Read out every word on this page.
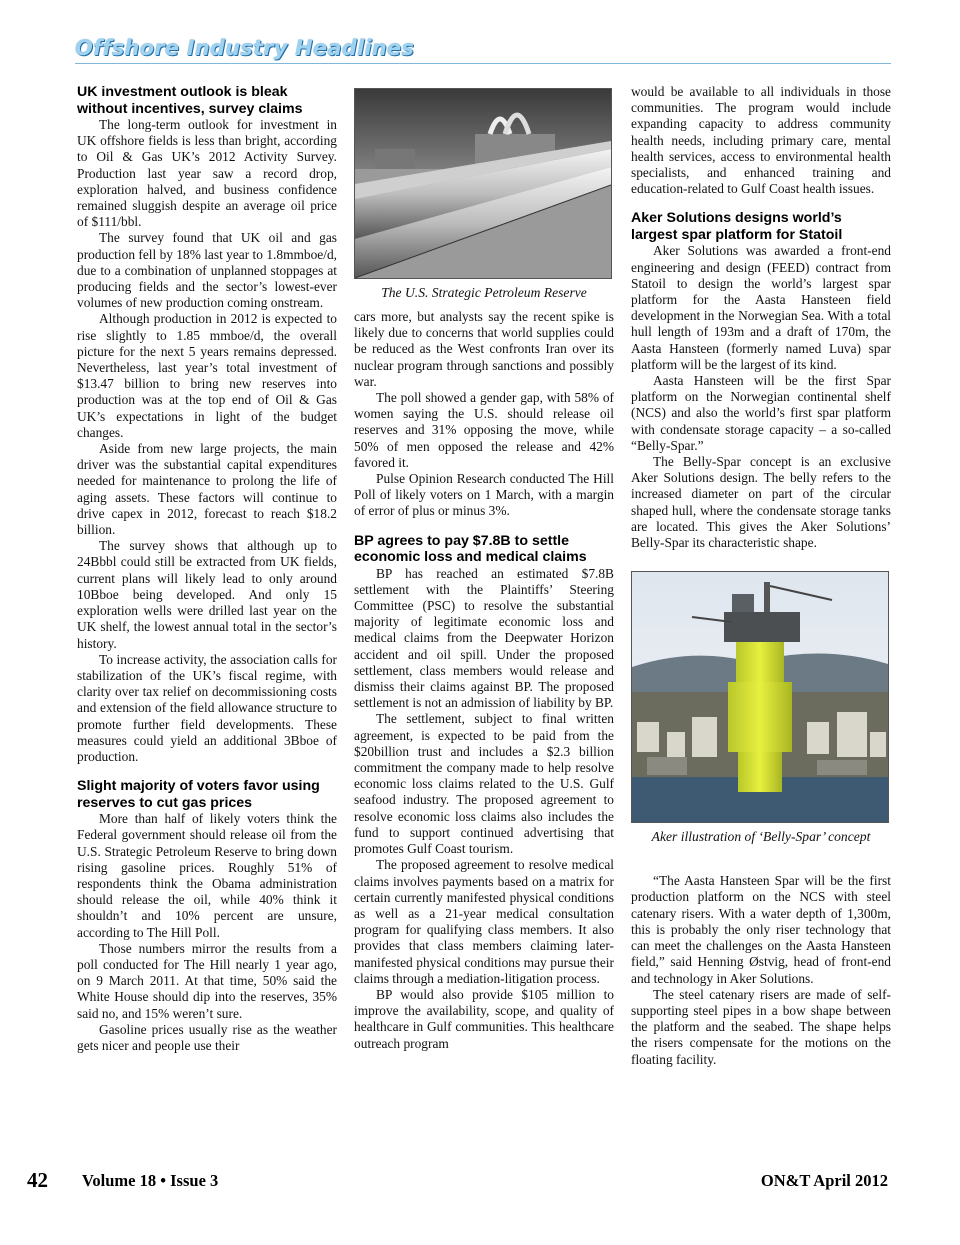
Offshore Industry Headlines
UK investment outlook is bleak without incentives, survey claims

The long-term outlook for investment in UK offshore fields is less than bright, according to Oil & Gas UK’s 2012 Activity Survey. Production last year saw a record drop, exploration halved, and business confidence remained sluggish despite an average oil price of $111/bbl.

The survey found that UK oil and gas production fell by 18% last year to 1.8mmboe/d, due to a combination of unplanned stoppages at producing fields and the sector’s lowest-ever volumes of new production coming onstream.

Although production in 2012 is expected to rise slightly to 1.85 mmboe/d, the overall picture for the next 5 years remains depressed. Nevertheless, last year’s total investment of $13.47 billion to bring new reserves into production was at the top end of Oil & Gas UK’s expectations in light of the budget changes.

Aside from new large projects, the main driver was the substantial capital expenditures needed for maintenance to prolong the life of aging assets. These factors will continue to drive capex in 2012, forecast to reach $18.2 billion.

The survey shows that although up to 24Bbbl could still be extracted from UK fields, current plans will likely lead to only around 10Bboe being developed. And only 15 exploration wells were drilled last year on the UK shelf, the lowest annual total in the sector’s history.

To increase activity, the association calls for stabilization of the UK’s fiscal regime, with clarity over tax relief on decommissioning costs and extension of the field allowance structure to promote further field developments. These measures could yield an additional 3Bboe of production.

Slight majority of voters favor using reserves to cut gas prices

More than half of likely voters think the Federal government should release oil from the U.S. Strategic Petroleum Reserve to bring down rising gasoline prices. Roughly 51% of respondents think the Obama administration should release the oil, while 40% think it shouldn’t and 10% percent are unsure, according to The Hill Poll.

Those numbers mirror the results from a poll conducted for The Hill nearly 1 year ago, on 9 March 2011. At that time, 50% said the White House should dip into the reserves, 35% said no, and 15% weren’t sure.

Gasoline prices usually rise as the weather gets nicer and people use their

The U.S. Strategic Petroleum Reserve

cars more, but analysts say the recent spike is likely due to concerns that world supplies could be reduced as the West confronts Iran over its nuclear program through sanctions and possibly war.

The poll showed a gender gap, with 58% of women saying the U.S. should release oil reserves and 31% opposing the move, while 50% of men opposed the release and 42% favored it.

Pulse Opinion Research conducted The Hill Poll of likely voters on 1 March, with a margin of error of plus or minus 3%.

BP agrees to pay $7.8B to settle economic loss and medical claims

BP has reached an estimated $7.8B settlement with the Plaintiffs’ Steering Committee (PSC) to resolve the substantial majority of legitimate economic loss and medical claims from the Deepwater Horizon accident and oil spill. Under the proposed settlement, class members would release and dismiss their claims against BP. The proposed settlement is not an admission of liability by BP.

The settlement, subject to final written agreement, is expected to be paid from the $20billion trust and includes a $2.3 billion commitment the company made to help resolve economic loss claims related to the U.S. Gulf seafood industry. The proposed agreement to resolve economic loss claims also includes the fund to support continued advertising that promotes Gulf Coast tourism.

The proposed agreement to resolve medical claims involves payments based on a matrix for certain currently manifested physical conditions as well as a 21-year medical consultation program for qualifying class members. It also provides that class members claiming later-manifested physical conditions may pursue their claims through a mediation-litigation process.

BP would also provide $105 million to improve the availability, scope, and quality of healthcare in Gulf communities. This healthcare outreach program

would be available to all individuals in those communities. The program would include expanding capacity to address community health needs, including primary care, mental health services, access to environmental health specialists, and enhanced training and education-related to Gulf Coast health issues.

Aker Solutions designs world’s largest spar platform for Statoil

Aker Solutions was awarded a front-end engineering and design (FEED) contract from Statoil to design the world’s largest spar platform for the Aasta Hansteen field development in the Norwegian Sea. With a total hull length of 193m and a draft of 170m, the Aasta Hansteen (formerly named Luva) spar platform will be the largest of its kind.

Aasta Hansteen will be the first Spar platform on the Norwegian continental shelf (NCS) and also the world’s first spar platform with condensate storage capacity – a so-called “Belly-Spar.”

The Belly-Spar concept is an exclusive Aker Solutions design. The belly refers to the increased diameter on part of the circular shaped hull, where the condensate storage tanks are located. This gives the Aker Solutions’ Belly-Spar its characteristic shape.

Aker illustration of ‘Belly-Spar’ concept

“The Aasta Hansteen Spar will be the first production platform on the NCS with steel catenary risers. With a water depth of 1,300m, this is probably the only riser technology that can meet the challenges on the Aasta Hansteen field,” said Henning Østvig, head of front-end and technology in Aker Solutions.

The steel catenary risers are made of self-supporting steel pipes in a bow shape between the platform and the seabed. The shape helps the risers compensate for the motions on the floating facility.

42 Volume 18 • Issue 3	ON&T April 2012
